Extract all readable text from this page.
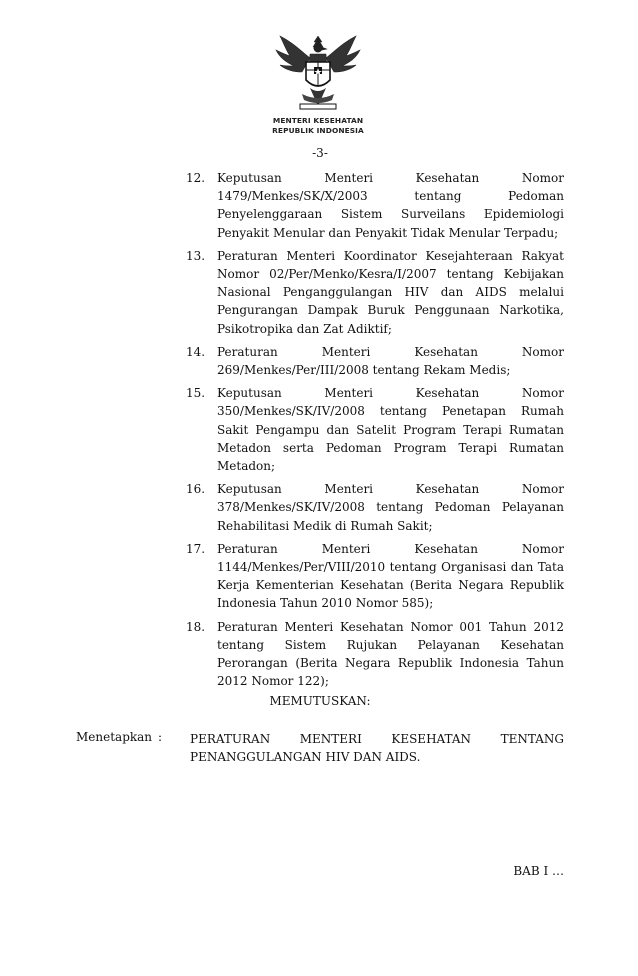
MENTERI KESEHATAN
REPUBLIK INDONESIA
-3-
12. Keputusan Menteri Kesehatan Nomor 1479/Menkes/SK/X/2003 tentang Pedoman Penyelenggaraan Sistem Surveilans Epidemiologi Penyakit Menular dan Penyakit Tidak Menular Terpadu;
13. Peraturan Menteri Koordinator Kesejahteraan Rakyat Nomor 02/Per/Menko/Kesra/I/2007 tentang Kebijakan Nasional Penganggulangan HIV dan AIDS melalui Pengurangan Dampak Buruk Penggunaan Narkotika, Psikotropika dan Zat Adiktif;
14. Peraturan Menteri Kesehatan Nomor 269/Menkes/Per/III/2008 tentang Rekam Medis;
15. Keputusan Menteri Kesehatan Nomor 350/Menkes/SK/IV/2008 tentang Penetapan Rumah Sakit Pengampu dan Satelit Program Terapi Rumatan Metadon serta Pedoman Program Terapi Rumatan Metadon;
16. Keputusan Menteri Kesehatan Nomor 378/Menkes/SK/IV/2008 tentang Pedoman Pelayanan Rehabilitasi Medik di Rumah Sakit;
17. Peraturan Menteri Kesehatan Nomor 1144/Menkes/Per/VIII/2010 tentang Organisasi dan Tata Kerja Kementerian Kesehatan (Berita Negara Republik Indonesia Tahun 2010 Nomor 585);
18. Peraturan Menteri Kesehatan Nomor 001 Tahun 2012 tentang Sistem Rujukan Pelayanan Kesehatan Perorangan (Berita Negara Republik Indonesia Tahun 2012 Nomor 122);
MEMUTUSKAN:
Menetapkan : PERATURAN MENTERI KESEHATAN TENTANG
PENANGGULANGAN HIV DAN AIDS.
BAB I …
